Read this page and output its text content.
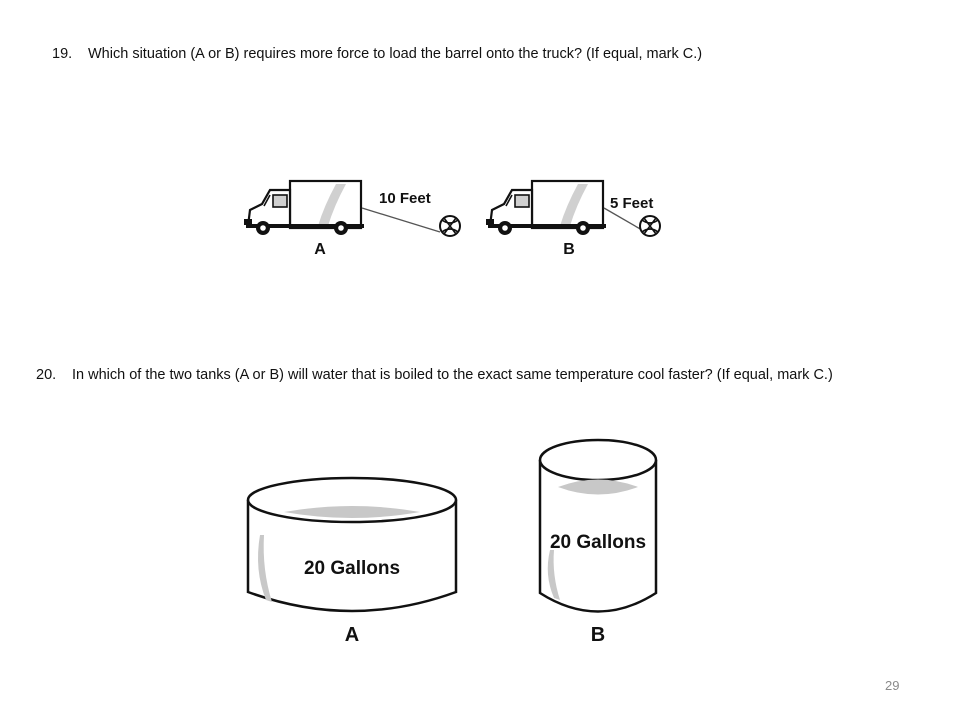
19. Which situation (A or B) requires more force to load the barrel onto the truck? (If equal, mark C.)
10 Feet
A
5 Feet
B
20. In which of the two tanks (A or B) will water that is boiled to the exact same temperature cool faster? (If equal, mark C.)
20 Gallons
A
20 Gallons
B
29
